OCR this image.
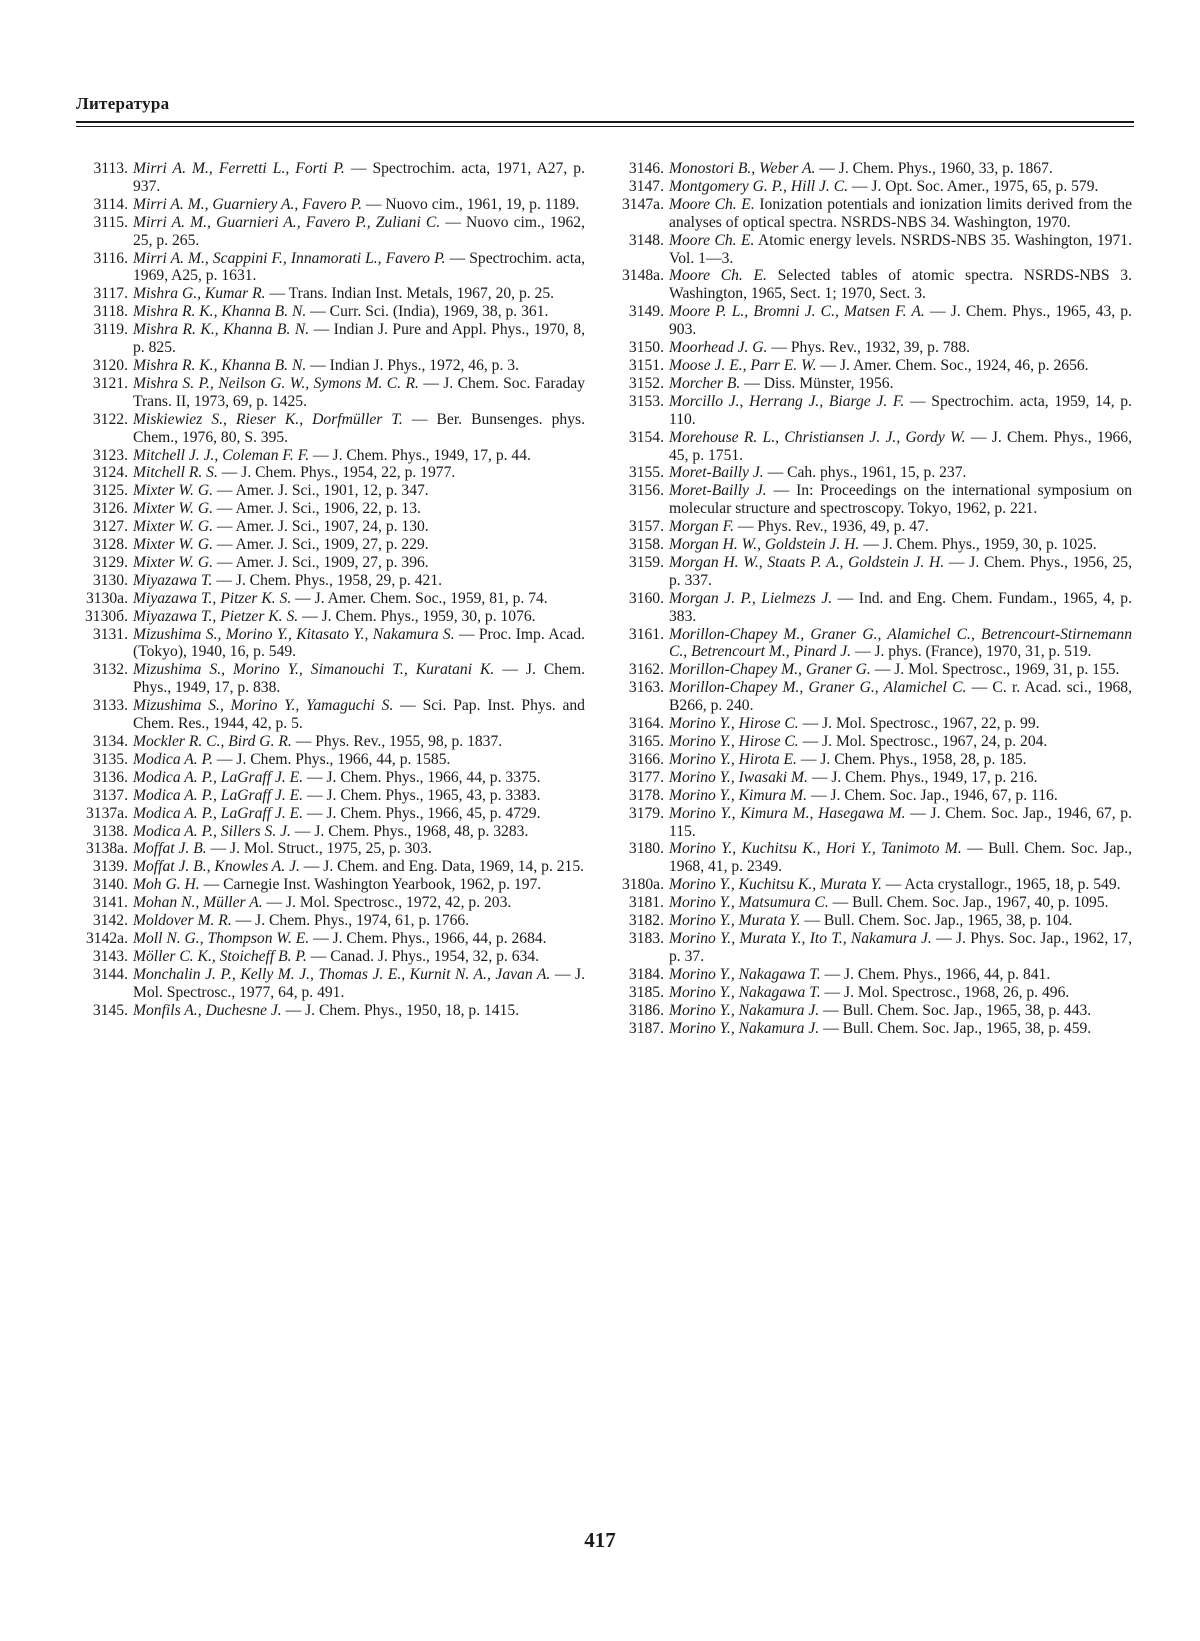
Литература
3113. Mirri A. M., Ferretti L., Forti P. — Spectrochim. acta, 1971, A27, p. 937.
3114. Mirri A. M., Guarniery A., Favero P. — Nuovo cim., 1961, 19, p. 1189.
3115. Mirri A. M., Guarnieri A., Favero P., Zuliani C. — Nuovo cim., 1962, 25, p. 265.
3116. Mirri A. M., Scappini F., Innamorati L., Favero P. — Spectrochim. acta, 1969, A25, p. 1631.
3117. Mishra G., Kumar R. — Trans. Indian Inst. Metals, 1967, 20, p. 25.
3118. Mishra R. K., Khanna B. N. — Curr. Sci. (India), 1969, 38, p. 361.
3119. Mishra R. K., Khanna B. N. — Indian J. Pure and Appl. Phys., 1970, 8, p. 825.
3120. Mishra R. K., Khanna B. N. — Indian J. Phys., 1972, 46, p. 3.
3121. Mishra S. P., Neilson G. W., Symons M. C. R. — J. Chem. Soc. Faraday Trans. II, 1973, 69, p. 1425.
3122. Miskiewiez S., Rieser K., Dorfmüller T. — Ber. Bunsenges. phys. Chem., 1976, 80, S. 395.
3123. Mitchell J. J., Coleman F. F. — J. Chem. Phys., 1949, 17, p. 44.
3124. Mitchell R. S. — J. Chem. Phys., 1954, 22, p. 1977.
3125. Mixter W. G. — Amer. J. Sci., 1901, 12, p. 347.
3126. Mixter W. G. — Amer. J. Sci., 1906, 22, p. 13.
3127. Mixter W. G. — Amer. J. Sci., 1907, 24, p. 130.
3128. Mixter W. G. — Amer. J. Sci., 1909, 27, p. 229.
3129. Mixter W. G. — Amer. J. Sci., 1909, 27, p. 396.
3130. Miyazawa T. — J. Chem. Phys., 1958, 29, p. 421.
3130a. Miyazawa T., Pitzer K. S. — J. Amer. Chem. Soc., 1959, 81, p. 74.
3130б. Miyazawa T., Pietzer K. S. — J. Chem. Phys., 1959, 30, p. 1076.
3131. Mizushima S., Morino Y., Kitasato Y., Nakamura S. — Proc. Imp. Acad. (Tokyo), 1940, 16, p. 549.
3132. Mizushima S., Morino Y., Simanouchi T., Kuratani K. — J. Chem. Phys., 1949, 17, p. 838.
3133. Mizushima S., Morino Y., Yamaguchi S. — Sci. Pap. Inst. Phys. and Chem. Res., 1944, 42, p. 5.
3134. Mockler R. C., Bird G. R. — Phys. Rev., 1955, 98, p. 1837.
3135. Modica A. P. — J. Chem. Phys., 1966, 44, p. 1585.
3136. Modica A. P., LaGraff J. E. — J. Chem. Phys., 1966, 44, p. 3375.
3137. Modica A. P., LaGraff J. E. — J. Chem. Phys., 1965, 43, p. 3383.
3137a. Modica A. P., LaGraff J. E. — J. Chem. Phys., 1966, 45, p. 4729.
3138. Modica A. P., Sillers S. J. — J. Chem. Phys., 1968, 48, p. 3283.
3138a. Moffat J. B. — J. Mol. Struct., 1975, 25, p. 303.
3139. Moffat J. B., Knowles A. J. — J. Chem. and Eng. Data, 1969, 14, p. 215.
3140. Moh G. H. — Carnegie Inst. Washington Yearbook, 1962, p. 197.
3141. Mohan N., Müller A. — J. Mol. Spectrosc., 1972, 42, p. 203.
3142. Moldover M. R. — J. Chem. Phys., 1974, 61, p. 1766.
3142a. Moll N. G., Thompson W. E. — J. Chem. Phys., 1966, 44, p. 2684.
3143. Möller C. K., Stoicheff B. P. — Canad. J. Phys., 1954, 32, p. 634.
3144. Monchalin J. P., Kelly M. J., Thomas J. E., Kurnit N. A., Javan A. — J. Mol. Spectrosc., 1977, 64, p. 491.
3145. Monfils A., Duchesne J. — J. Chem. Phys., 1950, 18, p. 1415.
3146. Monostori B., Weber A. — J. Chem. Phys., 1960, 33, p. 1867.
3147. Montgomery G. P., Hill J. C. — J. Opt. Soc. Amer., 1975, 65, p. 579.
3147a. Moore Ch. E. Ionization potentials and ionization limits derived from the analyses of optical spectra. NSRDS-NBS 34. Washington, 1970.
3148. Moore Ch. E. Atomic energy levels. NSRDS-NBS 35. Washington, 1971. Vol. 1—3.
3148a. Moore Ch. E. Selected tables of atomic spectra. NSRDS-NBS 3. Washington, 1965, Sect. 1; 1970, Sect. 3.
3149. Moore P. L., Bromni J. C., Matsen F. A. — J. Chem. Phys., 1965, 43, p. 903.
3150. Moorhead J. G. — Phys. Rev., 1932, 39, p. 788.
3151. Moose J. E., Parr E. W. — J. Amer. Chem. Soc., 1924, 46, p. 2656.
3152. Morcher B. — Diss. Münster, 1956.
3153. Morcillo J., Herrang J., Biarge J. F. — Spectrochim. acta, 1959, 14, p. 110.
3154. Morehouse R. L., Christiansen J. J., Gordy W. — J. Chem. Phys., 1966, 45, p. 1751.
3155. Moret-Bailly J. — Cah. phys., 1961, 15, p. 237.
3156. Moret-Bailly J. — In: Proceedings on the international symposium on molecular structure and spectroscopy. Tokyo, 1962, p. 221.
3157. Morgan F. — Phys. Rev., 1936, 49, p. 47.
3158. Morgan H. W., Goldstein J. H. — J. Chem. Phys., 1959, 30, p. 1025.
3159. Morgan H. W., Staats P. A., Goldstein J. H. — J. Chem. Phys., 1956, 25, p. 337.
3160. Morgan J. P., Lielmezs J. — Ind. and Eng. Chem. Fundam., 1965, 4, p. 383.
3161. Morillon-Chapey M., Graner G., Alamichel C., Betrencourt-Stirnemann C., Betrencourt M., Pinard J. — J. phys. (France), 1970, 31, p. 519.
3162. Morillon-Chapey M., Graner G. — J. Mol. Spectrosc., 1969, 31, p. 155.
3163. Morillon-Chapey M., Graner G., Alamichel C. — C. r. Acad. sci., 1968, B266, p. 240.
3164. Morino Y., Hirose C. — J. Mol. Spectrosc., 1967, 22, p. 99.
3165. Morino Y., Hirose C. — J. Mol. Spectrosc., 1967, 24, p. 204.
3166. Morino Y., Hirota E. — J. Chem. Phys., 1958, 28, p. 185.
3177. Morino Y., Iwasaki M. — J. Chem. Phys., 1949, 17, p. 216.
3178. Morino Y., Kimura M. — J. Chem. Soc. Jap., 1946, 67, p. 116.
3179. Morino Y., Kimura M., Hasegawa M. — J. Chem. Soc. Jap., 1946, 67, p. 115.
3180. Morino Y., Kuchitsu K., Hori Y., Tanimoto M. — Bull. Chem. Soc. Jap., 1968, 41, p. 2349.
3180a. Morino Y., Kuchitsu K., Murata Y. — Acta crystallogr., 1965, 18, p. 549.
3181. Morino Y., Matsumura C. — Bull. Chem. Soc. Jap., 1967, 40, p. 1095.
3182. Morino Y., Murata Y. — Bull. Chem. Soc. Jap., 1965, 38, p. 104.
3183. Morino Y., Murata Y., Ito T., Nakamura J. — J. Phys. Soc. Jap., 1962, 17, p. 37.
3184. Morino Y., Nakagawa T. — J. Chem. Phys., 1966, 44, p. 841.
3185. Morino Y., Nakagawa T. — J. Mol. Spectrosc., 1968, 26, p. 496.
3186. Morino Y., Nakamura J. — Bull. Chem. Soc. Jap., 1965, 38, p. 443.
3187. Morino Y., Nakamura J. — Bull. Chem. Soc. Jap., 1965, 38, p. 459.
417
